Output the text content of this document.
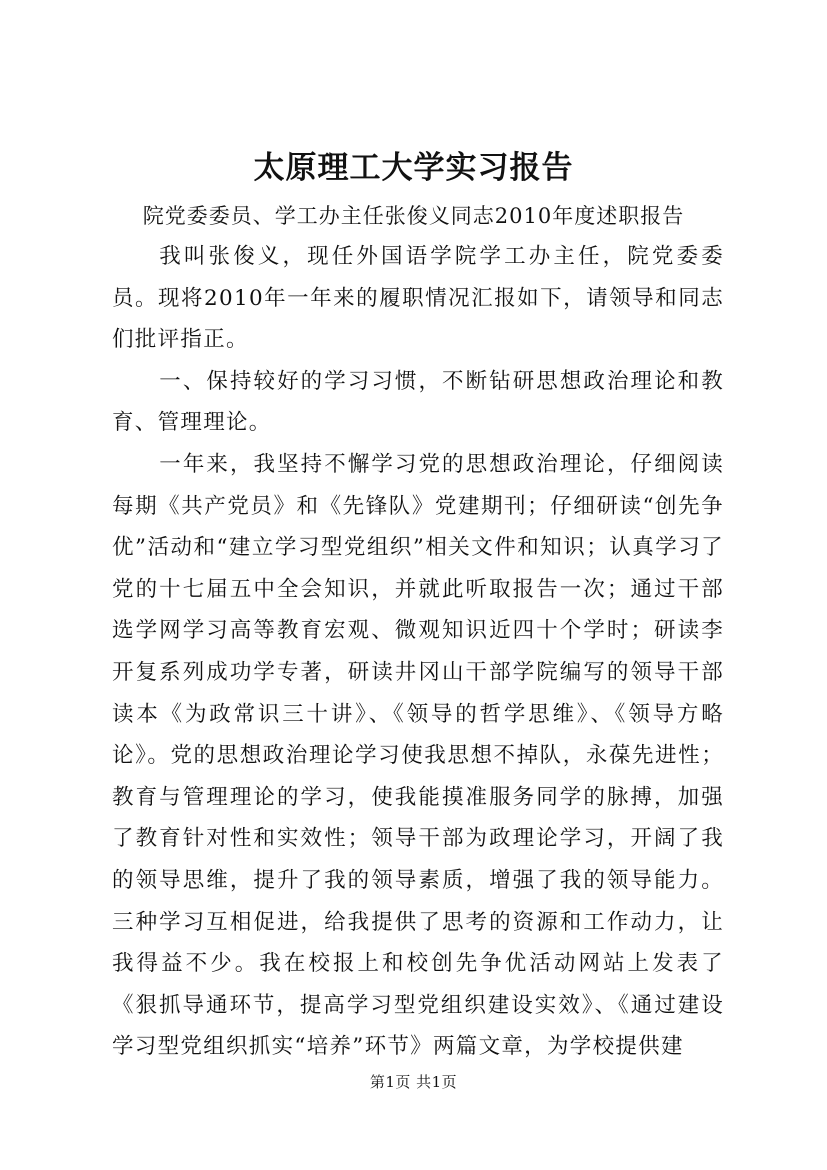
太原理工大学实习报告
院党委委员、学工办主任张俊义同志2010年度述职报告

我叫张俊义，现任外国语学院学工办主任，院党委委员。现将2010年一年来的履职情况汇报如下，请领导和同志们批评指正。

一、保持较好的学习习惯，不断钻研思想政治理论和教育、管理理论。

一年来，我坚持不懈学习党的思想政治理论，仔细阅读每期《共产党员》和《先锋队》党建期刊；仔细研读“创先争优”活动和“建立学习型党组织”相关文件和知识；认真学习了党的十七届五中全会知识，并就此听取报告一次；通过干部选学网学习高等教育宏观、微观知识近四十个学时；研读李开复系列成功学专著，研读井冈山干部学院编写的领导干部读本《为政常识三十讲》、《领导的哲学思维》、《领导方略论》。党的思想政治理论学习使我思想不掉队，永葆先进性；教育与管理理论的学习，使我能摸准服务同学的脉搏，加强了教育针对性和实效性；领导干部为政理论学习，开阔了我的领导思维，提升了我的领导素质，增强了我的领导能力。三种学习互相促进，给我提供了思考的资源和工作动力，让我得益不少。我在校报上和校创先争优活动网站上发表了《狠抓导通环节，提高学习型党组织建设实效》、《通过建设学习型党组织抓实“培养”环节》两篇文章，为学校提供建

第1页 共1页
